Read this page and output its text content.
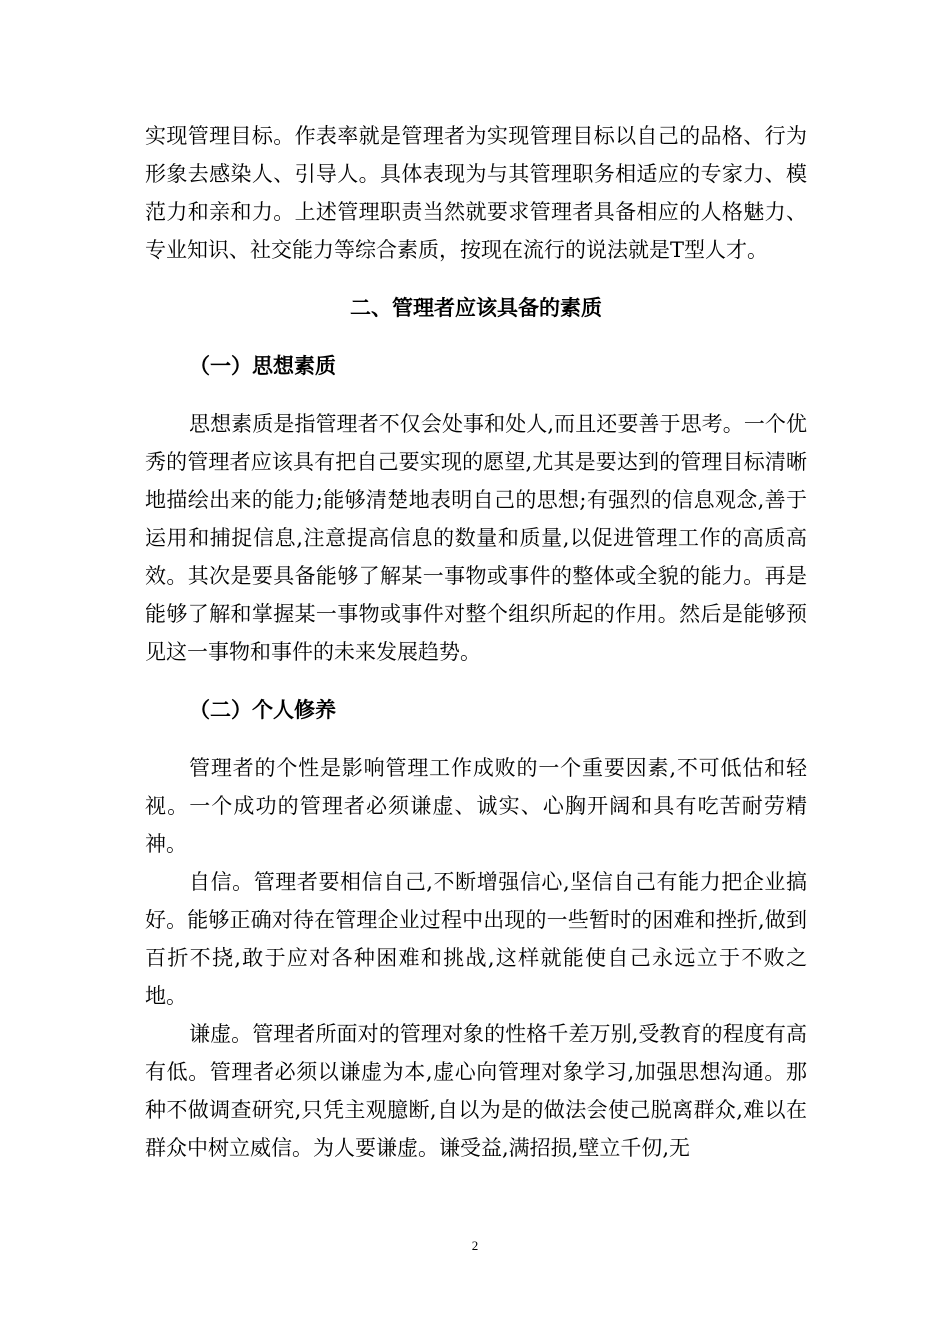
实现管理目标。作表率就是管理者为实现管理目标以自己的品格、行为形象去感染人、引导人。具体表现为与其管理职务相适应的专家力、模范力和亲和力。上述管理职责当然就要求管理者具备相应的人格魅力、专业知识、社交能力等综合素质，按现在流行的说法就是T型人才。

二、管理者应该具备的素质

（一）思想素质

思想素质是指管理者不仅会处事和处人,而且还要善于思考。一个优秀的管理者应该具有把自己要实现的愿望,尤其是要达到的管理目标清晰地描绘出来的能力;能够清楚地表明自己的思想;有强烈的信息观念,善于运用和捕捉信息,注意提高信息的数量和质量,以促进管理工作的高质高效。其次是要具备能够了解某一事物或事件的整体或全貌的能力。再是能够了解和掌握某一事物或事件对整个组织所起的作用。然后是能够预见这一事物和事件的未来发展趋势。

（二）个人修养

管理者的个性是影响管理工作成败的一个重要因素,不可低估和轻视。一个成功的管理者必须谦虚、诚实、心胸开阔和具有吃苦耐劳精神。

自信。管理者要相信自己,不断增强信心,坚信自己有能力把企业搞好。能够正确对待在管理企业过程中出现的一些暂时的困难和挫折,做到百折不挠,敢于应对各种困难和挑战,这样就能使自己永远立于不败之地。

谦虚。管理者所面对的管理对象的性格千差万别,受教育的程度有高有低。管理者必须以谦虚为本,虚心向管理对象学习,加强思想沟通。那种不做调查研究,只凭主观臆断,自以为是的做法会使己脱离群众,难以在群众中树立威信。为人要谦虚。谦受益,满招损,壁立千仞,无

2
